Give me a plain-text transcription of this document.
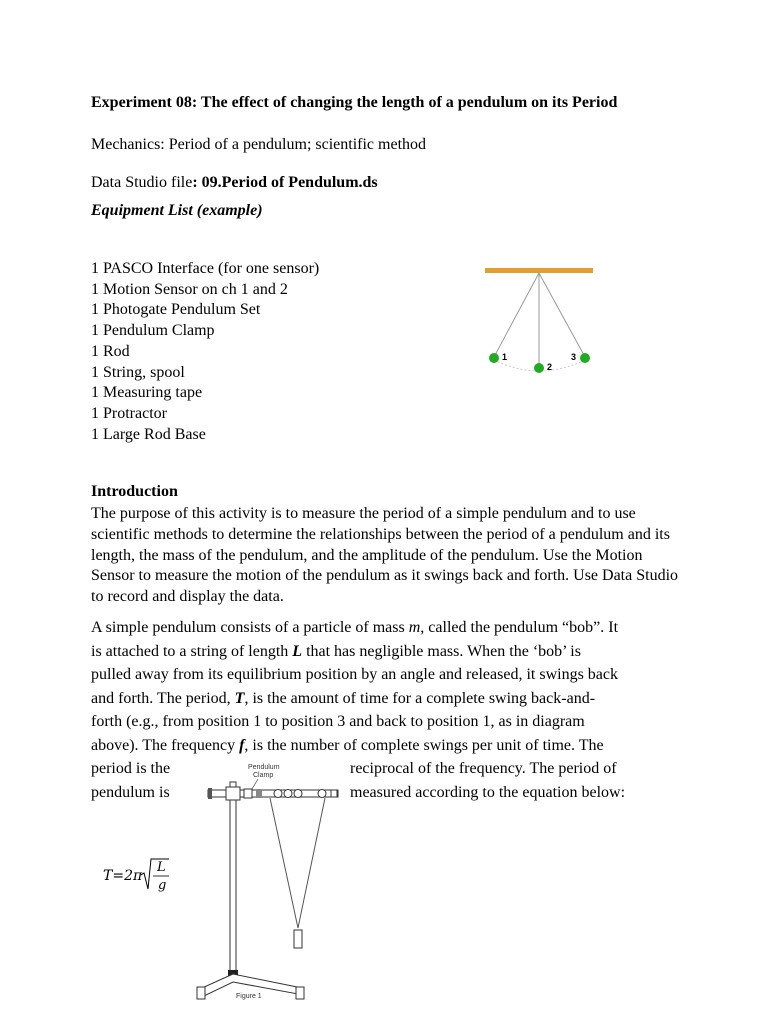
Experiment 08: The effect of changing the length of a pendulum on its Period

Mechanics: Period of a pendulum; scientific method

Data Studio file: 09.Period of Pendulum.ds

Equipment List (example)

1 PASCO Interface (for one sensor)
1 Motion Sensor on ch 1 and 2
1 Photogate Pendulum Set
1 Pendulum Clamp
1 Rod
1 String, spool
1 Measuring tape
1 Protractor
1 Large Rod Base
1
2
3

Introduction

The purpose of this activity is to measure the period of a simple pendulum and to use scientific methods to determine the relationships between the period of a pendulum and its length, the mass of the pendulum, and the amplitude of the pendulum. Use the Motion Sensor to measure the motion of the pendulum as it swings back and forth. Use Data Studio to record and display the data.

A simple pendulum consists of a particle of mass m, called the pendulum “bob”. It
is attached to a string of length L that has negligible mass. When the ‘bob’ is
pulled away from its equilibrium position by an angle and released, it swings back
and forth. The period, T, is the amount of time for a complete swing back-and-
forth (e.g., from position 1 to position 3 and back to position 1, as in diagram
above). The frequency f, is the number of complete swings per unit of time. The
period is the	reciprocal of the frequency. The period of
pendulum is	measured according to the equation below:
T=2π
L
g
Pendulum
Clamp
Figure 1
